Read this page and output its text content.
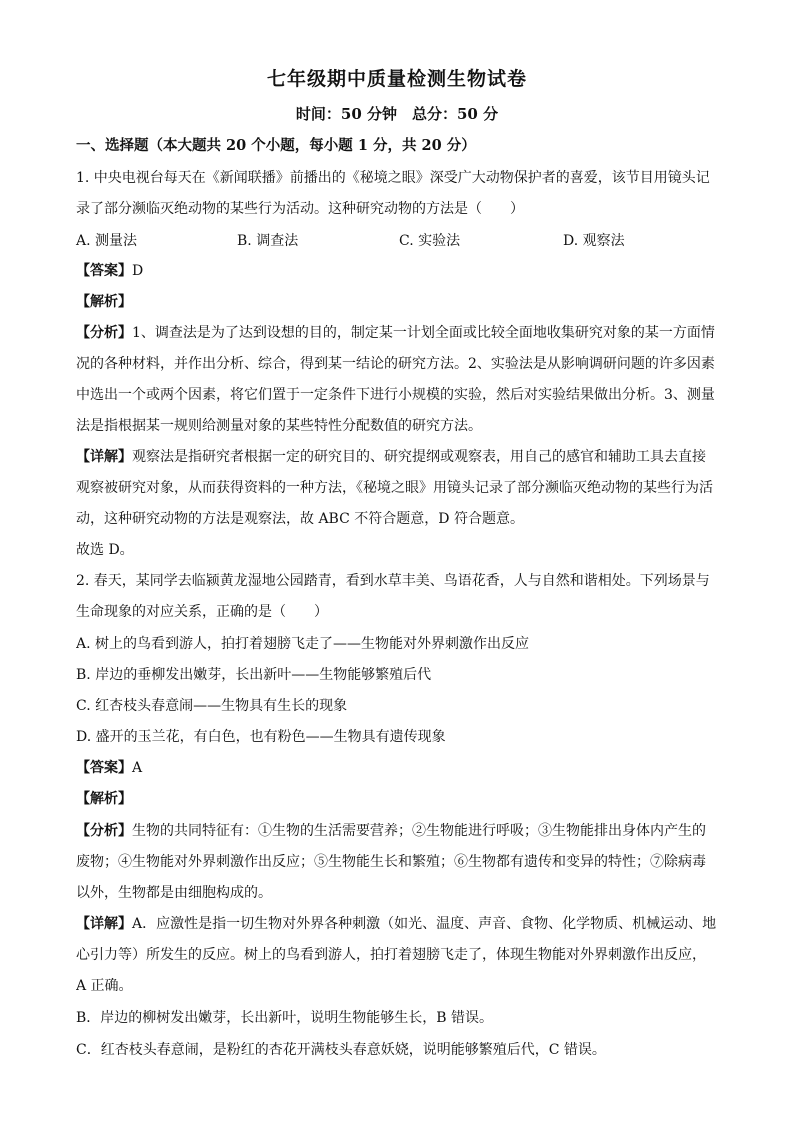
七年级期中质量检测生物试卷
时间：50 分钟　总分：50 分
一、选择题（本大题共 20 个小题，每小题 1 分，共 20 分）
1. 中央电视台每天在《新闻联播》前播出的《秘境之眼》深受广大动物保护者的喜爱，该节目用镜头记
录了部分濒临灭绝动物的某些行为活动。这种研究动物的方法是（　　）
A. 测量法	B. 调查法	C. 实验法	D. 观察法
【答案】D
【解析】
【分析】1、调查法是为了达到设想的目的，制定某一计划全面或比较全面地收集研究对象的某一方面情
况的各种材料，并作出分析、综合，得到某一结论的研究方法。2、实验法是从影响调研问题的许多因素
中选出一个或两个因素，将它们置于一定条件下进行小规模的实验，然后对实验结果做出分析。3、测量
法是指根据某一规则给测量对象的某些特性分配数值的研究方法。
【详解】观察法是指研究者根据一定的研究目的、研究提纲或观察表，用自己的感官和辅助工具去直接
观察被研究对象，从而获得资料的一种方法，《秘境之眼》用镜头记录了部分濒临灭绝动物的某些行为活
动，这种研究动物的方法是观察法，故 ABC 不符合题意，D 符合题意。
故选 D。
2. 春天，某同学去临颍黄龙湿地公园踏青，看到水草丰美、鸟语花香，人与自然和谐相处。下列场景与
生命现象的对应关系，正确的是（　　）
A. 树上的鸟看到游人，拍打着翅膀飞走了——生物能对外界刺激作出反应
B. 岸边的垂柳发出嫩芽，长出新叶——生物能够繁殖后代
C. 红杏枝头春意闹——生物具有生长的现象
D. 盛开的玉兰花，有白色，也有粉色——生物具有遗传现象
【答案】A
【解析】
【分析】生物的共同特征有：①生物的生活需要营养；②生物能进行呼吸；③生物能排出身体内产生的
废物；④生物能对外界刺激作出反应；⑤生物能生长和繁殖；⑥生物都有遗传和变异的特性；⑦除病毒
以外，生物都是由细胞构成的。
【详解】A．应激性是指一切生物对外界各种刺激（如光、温度、声音、食物、化学物质、机械运动、地
心引力等）所发生的反应。树上的鸟看到游人，拍打着翅膀飞走了，体现生物能对外界刺激作出反应，
A 正确。
B．岸边的柳树发出嫩芽，长出新叶，说明生物能够生长，B 错误。
C．红杏枝头春意闹，是粉红的杏花开满枝头春意妖娆，说明能够繁殖后代，C 错误。
